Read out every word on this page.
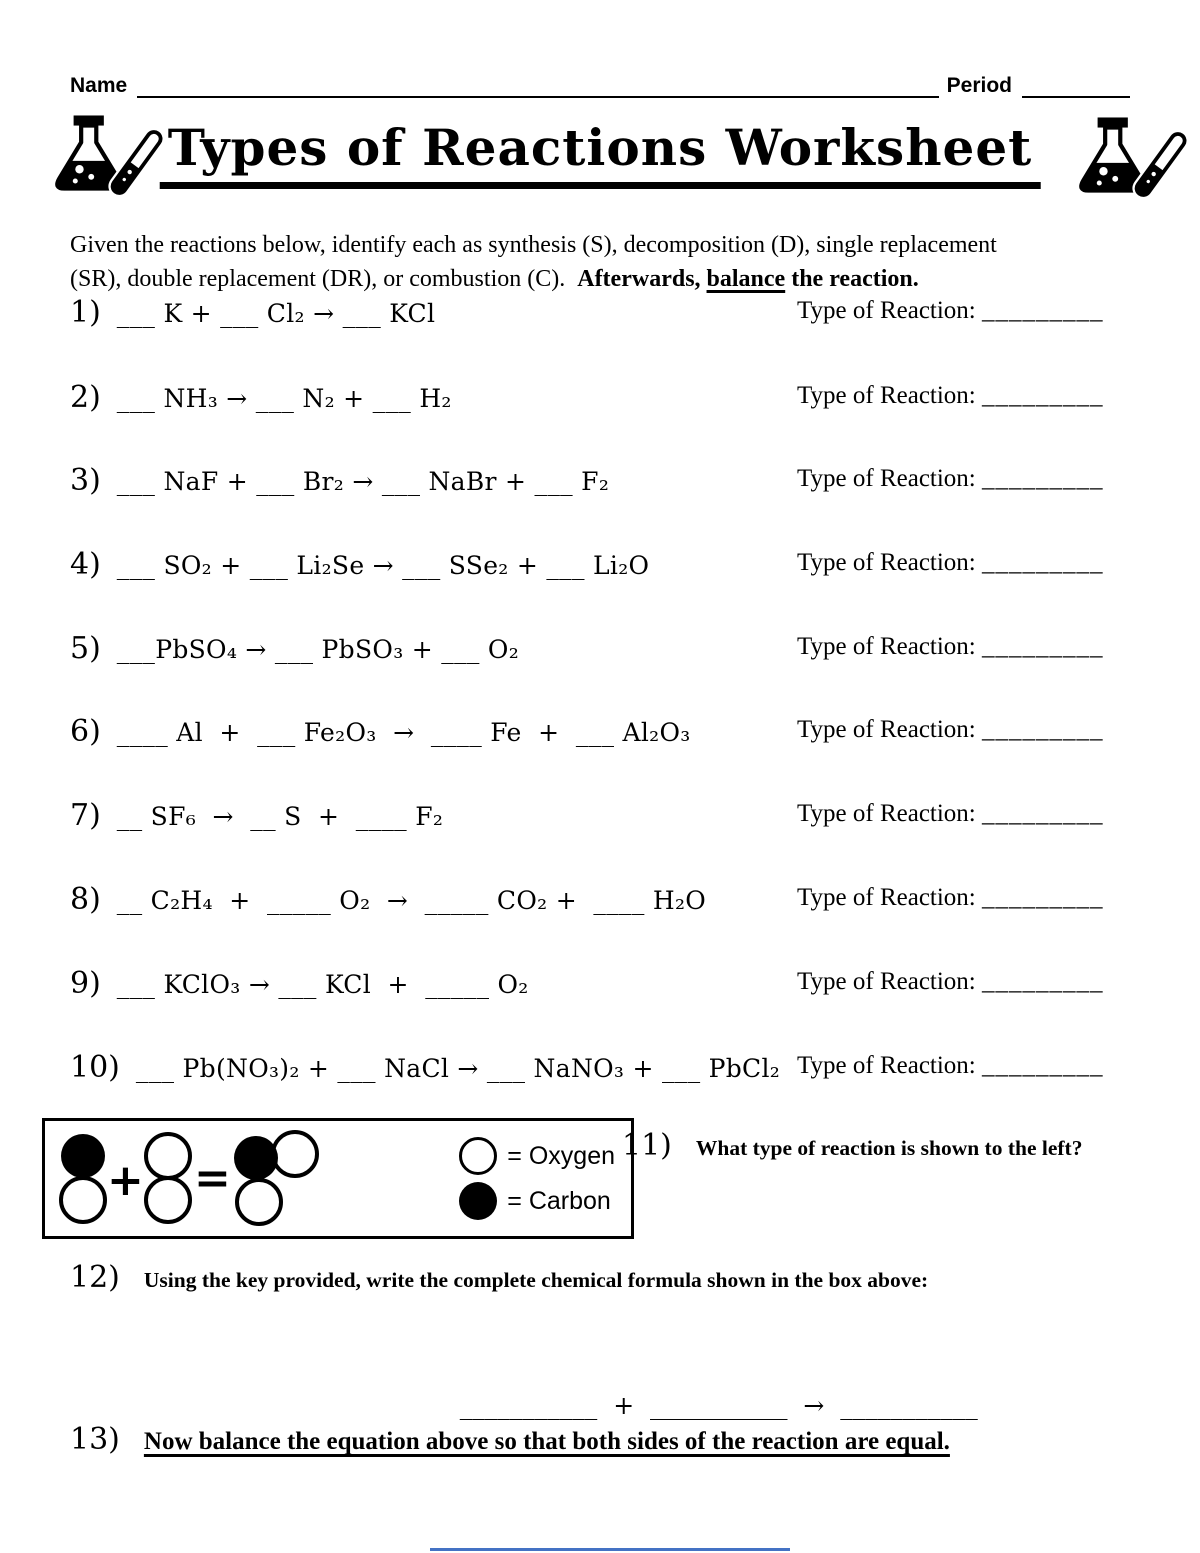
Name	Period
Types of Reactions Worksheet

Given the reactions below, identify each as synthesis (S), decomposition (D), single replacement
(SR), double replacement (DR), or combustion (C).  Afterwards, balance the reaction.

1) ___ K + ___ Cl₂ → ___ KCl	Type of Reaction: _________
2) ___ NH₃ → ___ N₂ + ___ H₂	Type of Reaction: _________
3) ___ NaF + ___ Br₂ → ___ NaBr + ___ F₂	Type of Reaction: _________
4) ___ SO₂ + ___ Li₂Se → ___ SSe₂ + ___ Li₂O	Type of Reaction: _________
5) ___PbSO₄ → ___ PbSO₃ + ___ O₂	Type of Reaction: _________
6) ____ Al  +  ___ Fe₂O₃  →  ____ Fe  +  ___ Al₂O₃	Type of Reaction: _________
7) __ SF₆  →  __ S  +  ____ F₂	Type of Reaction: _________
8) __ C₂H₄  +  _____ O₂  →  _____ CO₂ +  ____ H₂O	Type of Reaction: _________
9) ___ KClO₃ → ___ KCl  +  _____ O₂	Type of Reaction: _________
10) ___ Pb(NO₃)₂ + ___ NaCl → ___ NaNO₃ + ___ PbCl₂ Type of Reaction: _________
+ =	= Oxygen
= Carbon
11) What type of reaction is shown to the left?
12) Using the key provided, write the complete chemical formula shown in the box above:

___________  +  ___________  →  ___________

13) Now balance the equation above so that both sides of the reaction are equal.
